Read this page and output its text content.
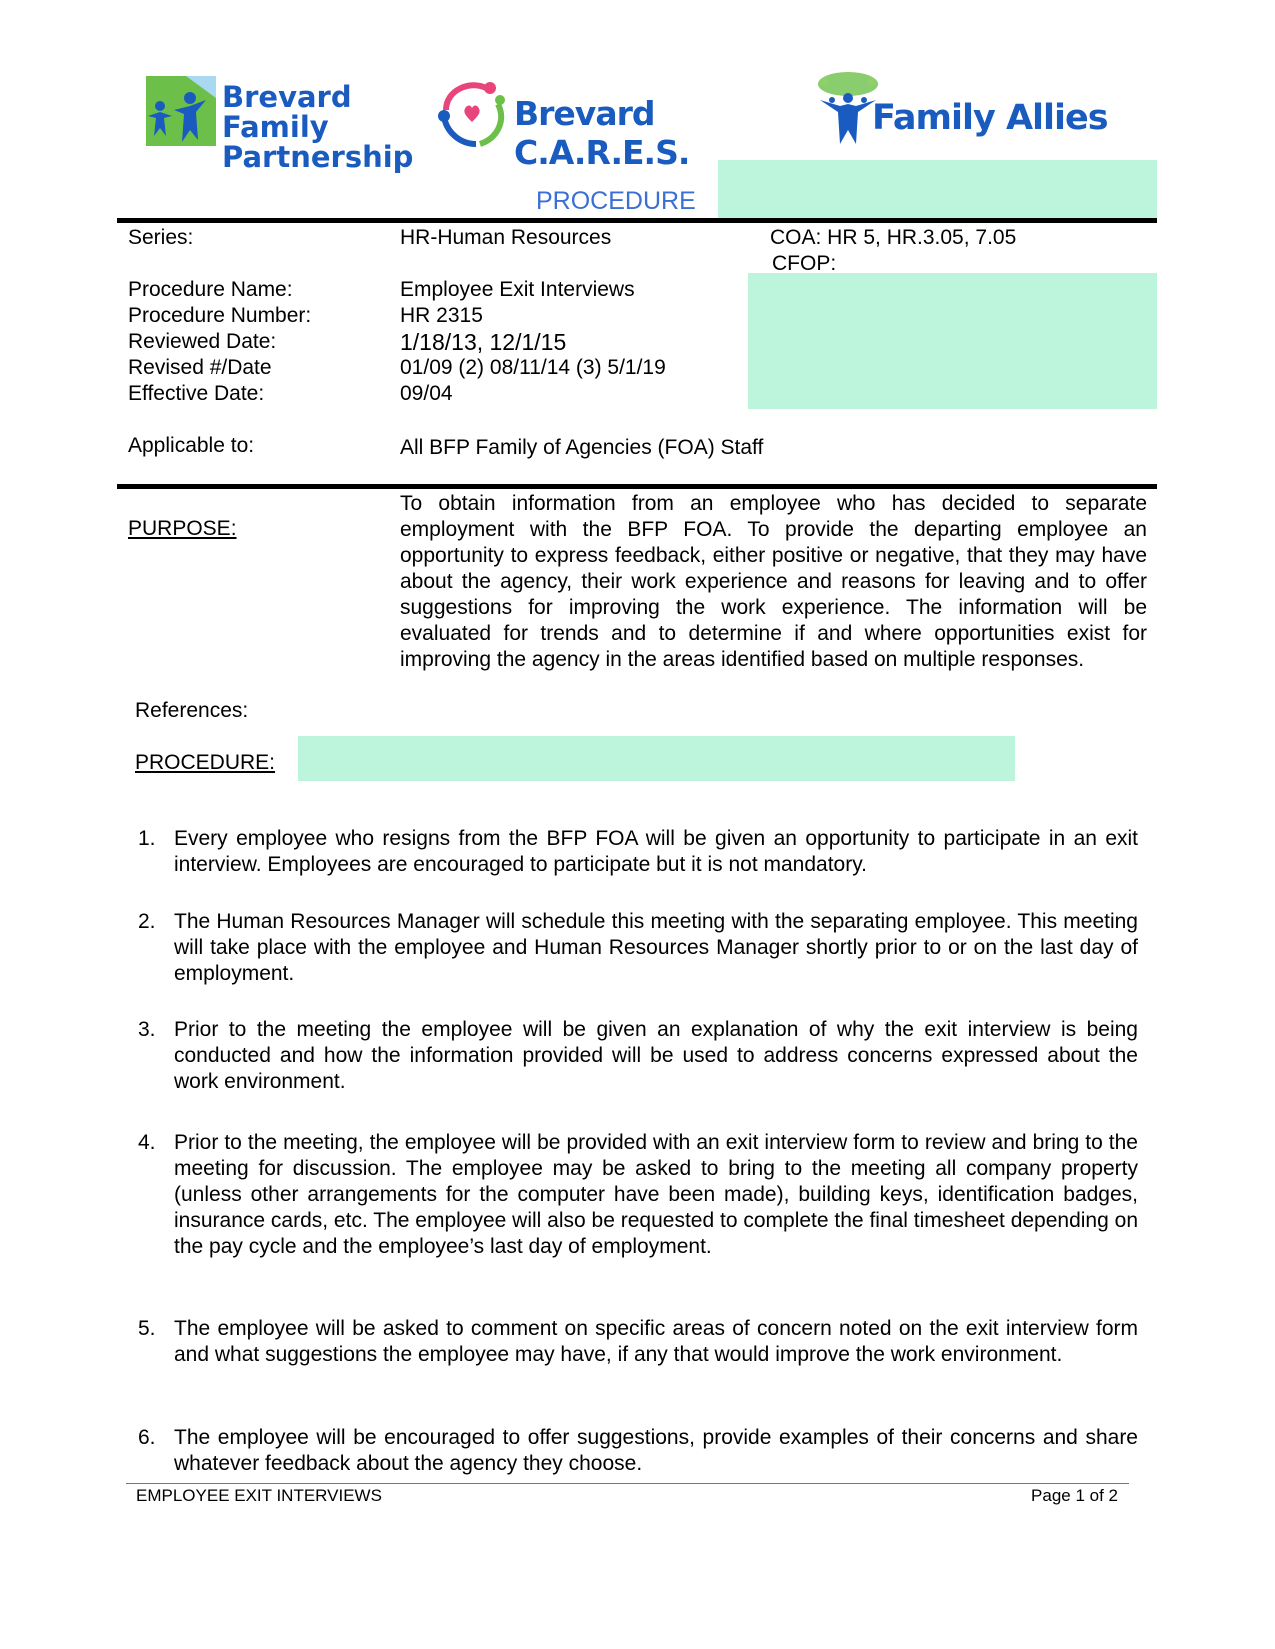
Brevard Family
Partnership
Brevard C.A.R.E.S.
Family Allies
PROCEDURE
Series:	HR-Human Resources	COA: HR 5, HR.3.05, 7.05
CFOP:
Procedure Name:	Employee Exit Interviews
Procedure Number:	HR 2315
Reviewed Date:	1/18/13, 12/1/15
Revised #/Date	01/09 (2) 08/11/14 (3) 5/1/19
Effective Date:	09/04
Applicable to:	All BFP Family of Agencies (FOA) Staff
PURPOSE:
To obtain information from an employee who has decided to separate employment with the BFP FOA. To provide the departing employee an opportunity to express feedback, either positive or negative, that they may have about the agency, their work experience and reasons for leaving and to offer suggestions for improving the work experience. The information will be evaluated for trends and to determine if and where opportunities exist for improving the agency in the areas identified based on multiple responses.
References:
PROCEDURE:
1. Every employee who resigns from the BFP FOA will be given an opportunity to participate in an exit interview. Employees are encouraged to participate but it is not mandatory.
2. The Human Resources Manager will schedule this meeting with the separating employee. This meeting will take place with the employee and Human Resources Manager shortly prior to or on the last day of employment.
3. Prior to the meeting the employee will be given an explanation of why the exit interview is being conducted and how the information provided will be used to address concerns expressed about the work environment.
4. Prior to the meeting, the employee will be provided with an exit interview form to review and bring to the meeting for discussion. The employee may be asked to bring to the meeting all company property (unless other arrangements for the computer have been made), building keys, identification badges, insurance cards, etc. The employee will also be requested to complete the final timesheet depending on the pay cycle and the employee’s last day of employment.
5. The employee will be asked to comment on specific areas of concern noted on the exit interview form and what suggestions the employee may have, if any that would improve the work environment.
6. The employee will be encouraged to offer suggestions, provide examples of their concerns and share whatever feedback about the agency they choose.
EMPLOYEE EXIT INTERVIEWS	Page 1 of 2
